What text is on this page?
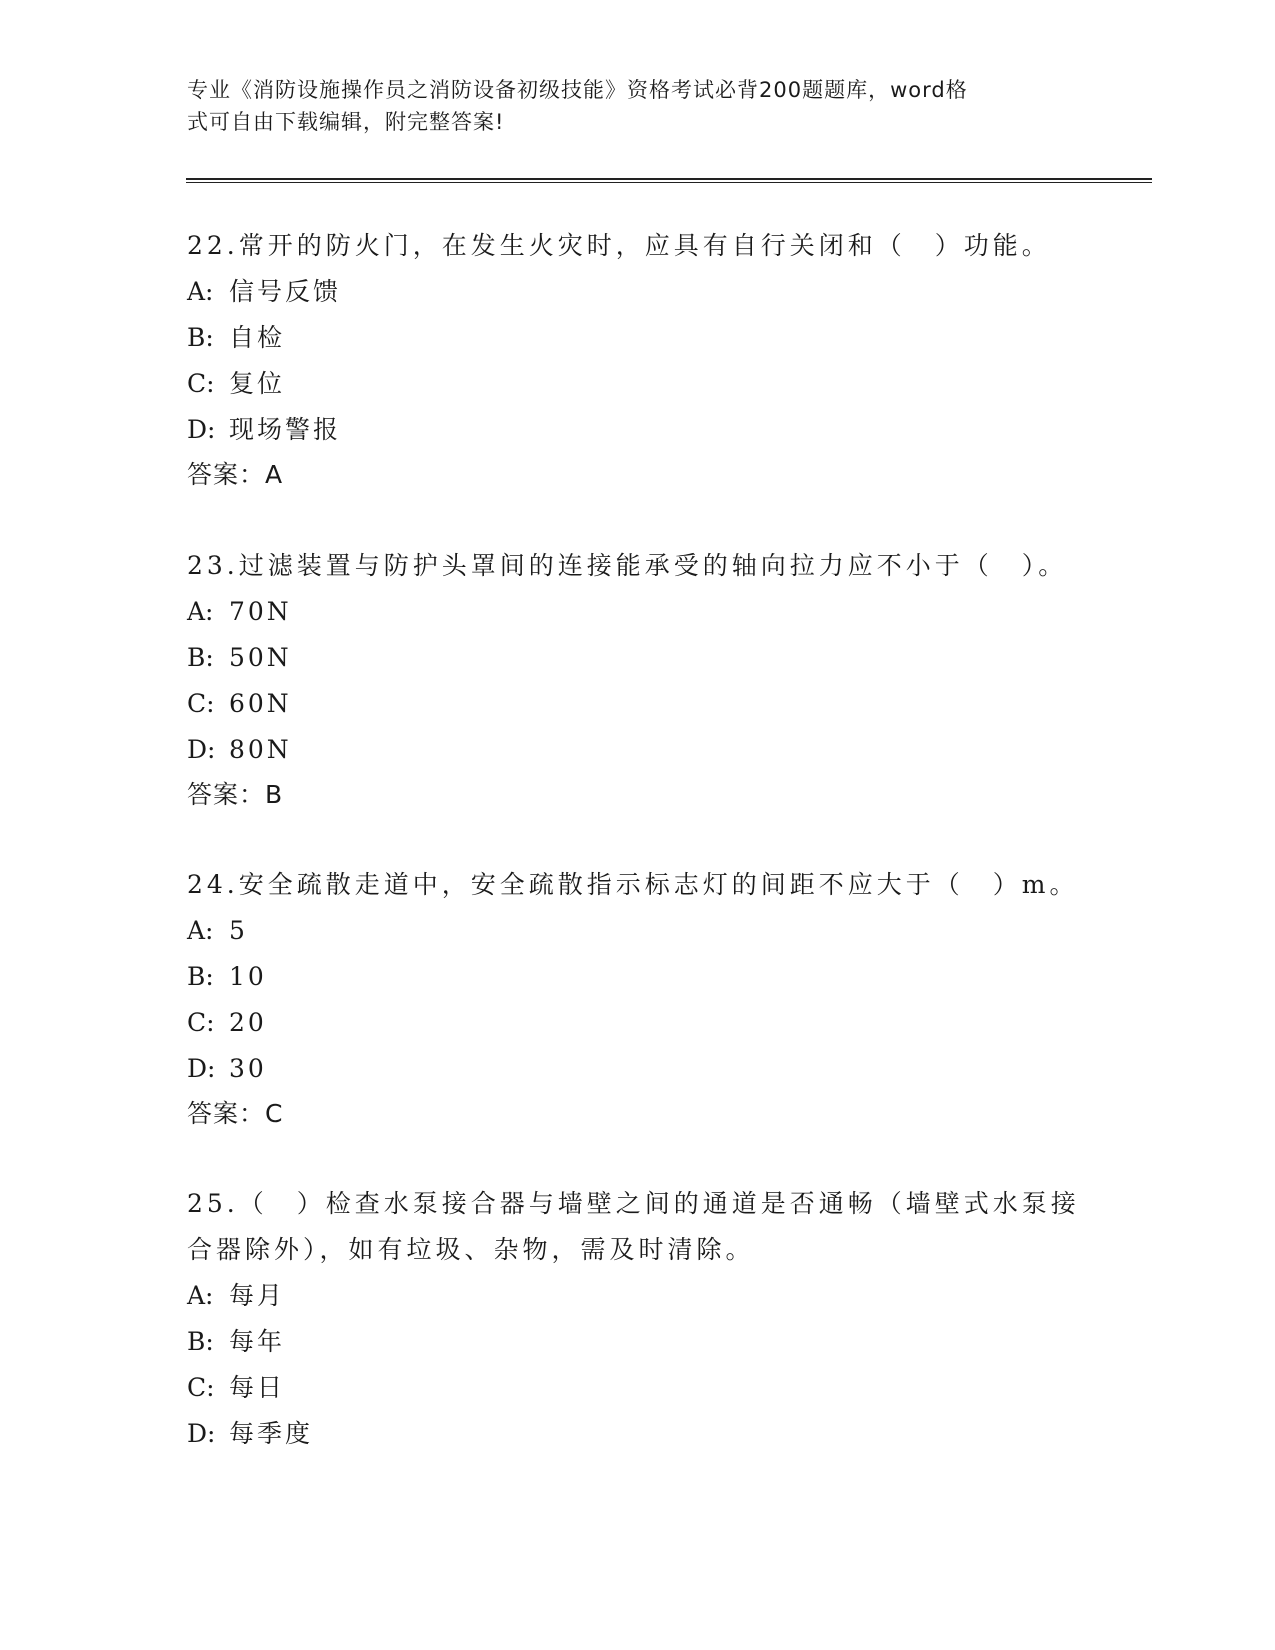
专业《消防设施操作员之消防设备初级技能》资格考试必背200题题库，word格
式可自由下载编辑，附完整答案!

22.常开的防火门，在发生火灾时，应具有自行关闭和（　）功能。

A: 信号反馈
B: 自检
C: 复位
D: 现场警报
答案：A

23.过滤装置与防护头罩间的连接能承受的轴向拉力应不小于（　）。

A: 70N
B: 50N
C: 60N
D: 80N
答案：B

24.安全疏散走道中，安全疏散指示标志灯的间距不应大于（　）m。

A: 5
B: 10
C: 20
D: 30
答案：C

25.（　）检查水泵接合器与墙壁之间的通道是否通畅（墙壁式水泵接合器除外），如有垃圾、杂物，需及时清除。

A: 每月
B: 每年
C: 每日
D: 每季度
